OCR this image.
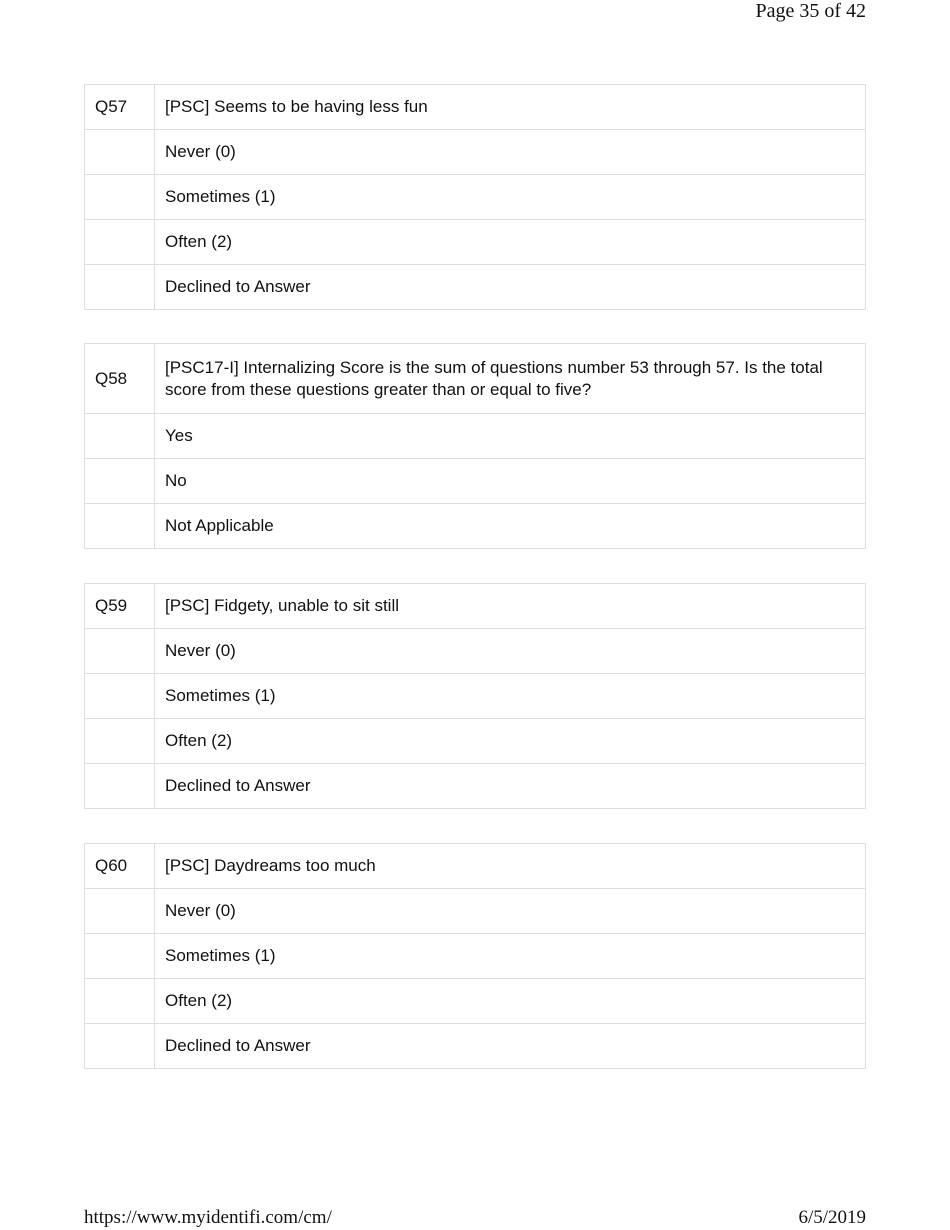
Page 35 of 42
Q57	[PSC] Seems to be having less fun
	Never (0)
	Sometimes (1)
	Often (2)
	Declined to Answer
Q58	[PSC17-I] Internalizing Score is the sum of questions number 53 through 57. Is the total score from these questions greater than or equal to five?
	Yes
	No
	Not Applicable
Q59	[PSC] Fidgety, unable to sit still
	Never (0)
	Sometimes (1)
	Often (2)
	Declined to Answer
Q60	[PSC] Daydreams too much
	Never (0)
	Sometimes (1)
	Often (2)
	Declined to Answer
https://www.myidentifi.com/cm/	6/5/2019
